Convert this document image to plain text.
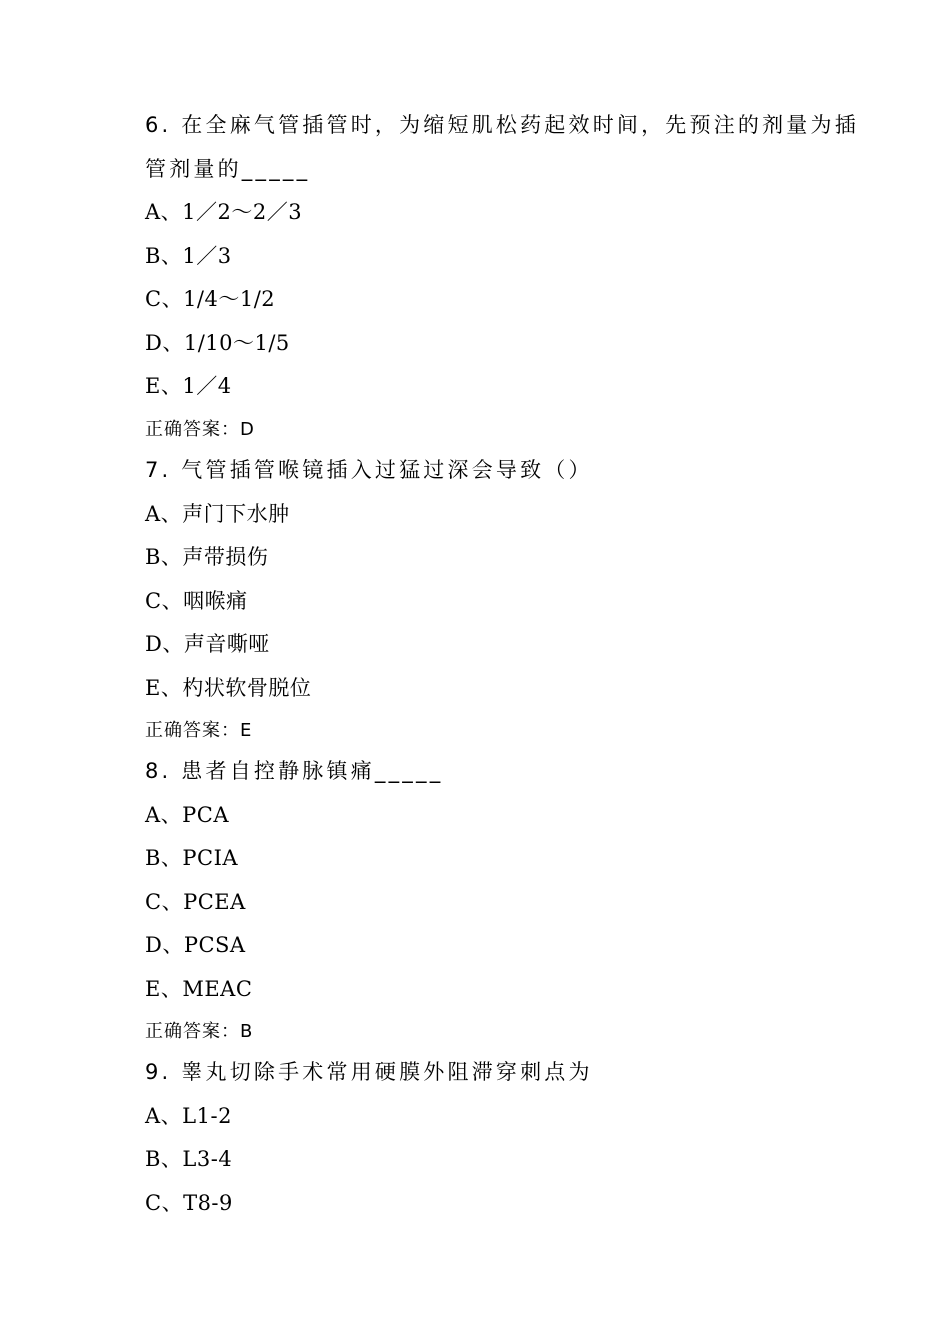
6. 在全麻气管插管时，为缩短肌松药起效时间，先预注的剂量为插
管剂量的_____
A、1／2～2／3
B、1／3
C、1/4～1/2
D、1/10～1/5
E、1／4
正确答案：D
7. 气管插管喉镜插入过猛过深会导致（）
A、声门下水肿
B、声带损伤
C、咽喉痛
D、声音嘶哑
E、杓状软骨脱位
正确答案：E
8. 患者自控静脉镇痛_____
A、PCA
B、PCIA
C、PCEA
D、PCSA
E、MEAC
正确答案：B
9. 睾丸切除手术常用硬膜外阻滞穿刺点为
A、L1-2
B、L3-4
C、T8-9
